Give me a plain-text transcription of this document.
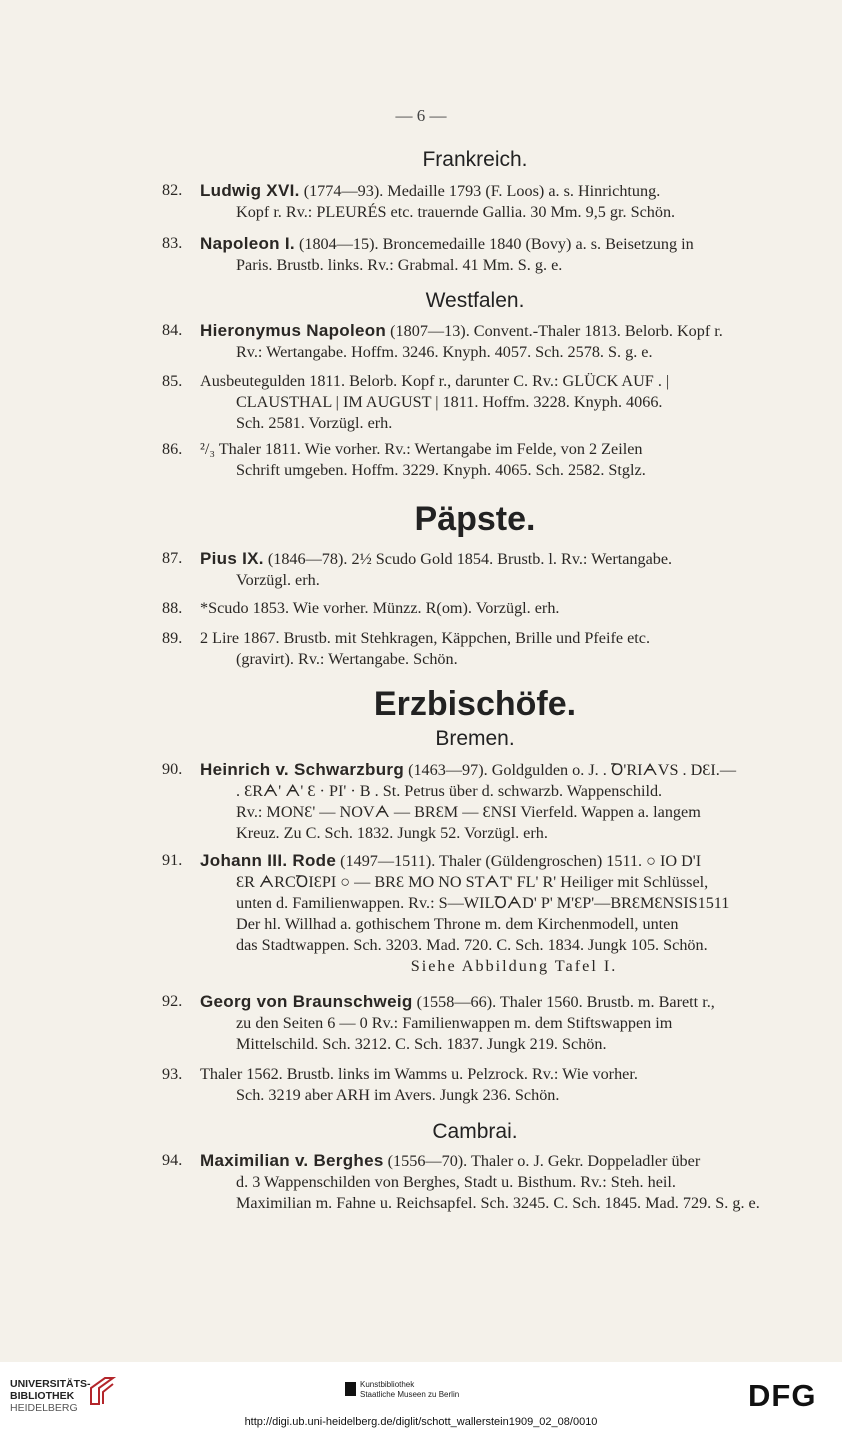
— 6 —
Frankreich.
82.	Ludwig XVI. (1774—93). Medaille 1793 (F. Loos) a. s. Hinrichtung.
Kopf r. Rv.: PLEURÉS etc. trauernde Gallia. 30 Mm. 9,5 gr. Schön.
83.	Napoleon I. (1804—15). Broncemedaille 1840 (Bovy) a. s. Beisetzung in
Paris. Brustb. links. Rv.: Grabmal. 41 Mm. S. g. e.
Westfalen.
84.	Hieronymus Napoleon (1807—13). Convent.-Thaler 1813. Belorb. Kopf r.
Rv.: Wertangabe. Hoffm. 3246. Knyph. 4057. Sch. 2578. S. g. e.
85.	Ausbeutegulden 1811. Belorb. Kopf r., darunter C. Rv.: GLÜCK AUF . |
CLAUSTHAL | IM AUGUST | 1811. Hoffm. 3228. Knyph. 4066.
Sch. 2581. Vorzügl. erh.
86.	²/₃ Thaler 1811. Wie vorher. Rv.: Wertangabe im Felde, von 2 Zeilen
Schrift umgeben. Hoffm. 3229. Knyph. 4065. Sch. 2582. Stglz.
Päpste.
87.	Pius IX. (1846—78). 2½ Scudo Gold 1854. Brustb. l. Rv.: Wertangabe.
Vorzügl. erh.
88.	*Scudo 1853. Wie vorher. Münzz. R(om). Vorzügl. erh.
89.	2 Lire 1867. Brustb. mit Stehkragen, Käppchen, Brille und Pfeife etc.
(gravirt). Rv.: Wertangabe. Schön.
Erzbischöfe.
Bremen.
90.	Heinrich v. Schwarzburg (1463—97). Goldgulden o. J. . Ꝺ'RIᗅVS . DƐI.—
. ƐRᗅ' ᗅ' Ɛ · PI' · B . St. Petrus über d. schwarzb. Wappenschild.
Rv.: MONƐ' — NOVᗅ — BRƐM — ƐNSI Vierfeld. Wappen a. langem
Kreuz. Zu C. Sch. 1832. Jungk 52. Vorzügl. erh.
91.	Johann III. Rode (1497—1511). Thaler (Güldengroschen) 1511. ○ IO D'I
ƐR ᗅRCꝹIƐPI ○ — BRƐ MO NO STᗅT' FL' R' Heiliger mit Schlüssel,
unten d. Familienwappen. Rv.: S—WILꝹᗅD' P' M'ƐP'—BRƐMƐNSIS1511
Der hl. Willhad a. gothischem Throne m. dem Kirchenmodell, unten
das Stadtwappen. Sch. 3203. Mad. 720. C. Sch. 1834. Jungk 105. Schön.
Siehe Abbildung Tafel I.
92.	Georg von Braunschweig (1558—66). Thaler 1560. Brustb. m. Barett r.,
zu den Seiten 6 — 0 Rv.: Familienwappen m. dem Stiftswappen im
Mittelschild. Sch. 3212. C. Sch. 1837. Jungk 219. Schön.
93.	Thaler 1562. Brustb. links im Wamms u. Pelzrock. Rv.: Wie vorher.
Sch. 3219 aber ARH im Avers. Jungk 236. Schön.
Cambrai.
94.	Maximilian v. Berghes (1556—70). Thaler o. J. Gekr. Doppeladler über
d. 3 Wappenschilden von Berghes, Stadt u. Bisthum. Rv.: Steh. heil.
Maximilian m. Fahne u. Reichsapfel. Sch. 3245. C. Sch. 1845. Mad. 729. S. g. e.
UNIVERSITÄTS-
BIBLIOTHEK
HEIDELBERG
Kunstbibliothek
Staatliche Museen zu Berlin	DFG
http://digi.ub.uni-heidelberg.de/diglit/schott_wallerstein1909_02_08/0010
